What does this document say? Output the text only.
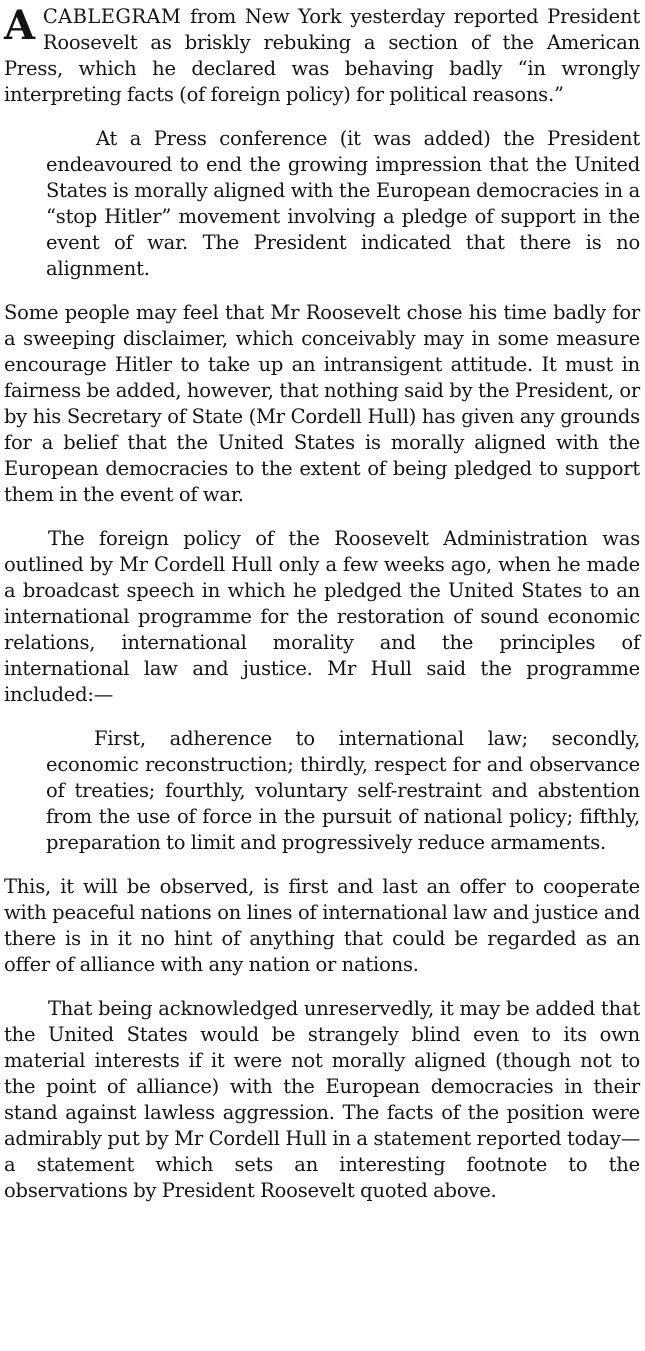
ACABLEGRAM from New York yesterday reported President Roosevelt as briskly rebuking a section of the American Press, which he declared was behaving badly “in wrongly interpreting facts (of foreign policy) for political reasons.”

At a Press conference (it was added) the President endeavoured to end the growing impression that the United States is morally aligned with the European democracies in a “stop Hitler” movement involving a pledge of support in the event of war. The President indicated that there is no alignment.

Some people may feel that Mr Roosevelt chose his time badly for a sweeping disclaimer, which conceivably may in some measure encourage Hitler to take up an intransigent attitude. It must in fairness be added, however, that nothing said by the President, or by his Secretary of State (Mr Cordell Hull) has given any grounds for a belief that the United States is morally aligned with the European democracies to the extent of being pledged to support them in the event of war.

The foreign policy of the Roosevelt Administration was outlined by Mr Cordell Hull only a few weeks ago, when he made a broadcast speech in which he pledged the United States to an international programme for the restoration of sound economic relations, international morality and the principles of international law and justice. Mr Hull said the programme included:—

First, adherence to international law; secondly, economic reconstruction; thirdly, respect for and observance of treaties; fourthly, voluntary self-restraint and abstention from the use of force in the pursuit of national policy; fifthly, preparation to limit and progressively reduce armaments.

This, it will be observed, is first and last an offer to cooperate with peaceful nations on lines of international law and justice and there is in it no hint of anything that could be regarded as an offer of alliance with any nation or nations.

That being acknowledged unreservedly, it may be added that the United States would be strangely blind even to its own material interests if it were not morally aligned (though not to the point of alliance) with the European democracies in their stand against lawless aggression. The facts of the position were admirably put by Mr Cordell Hull in a statement reported today—a statement which sets an interesting footnote to the observations by President Roosevelt quoted above.
